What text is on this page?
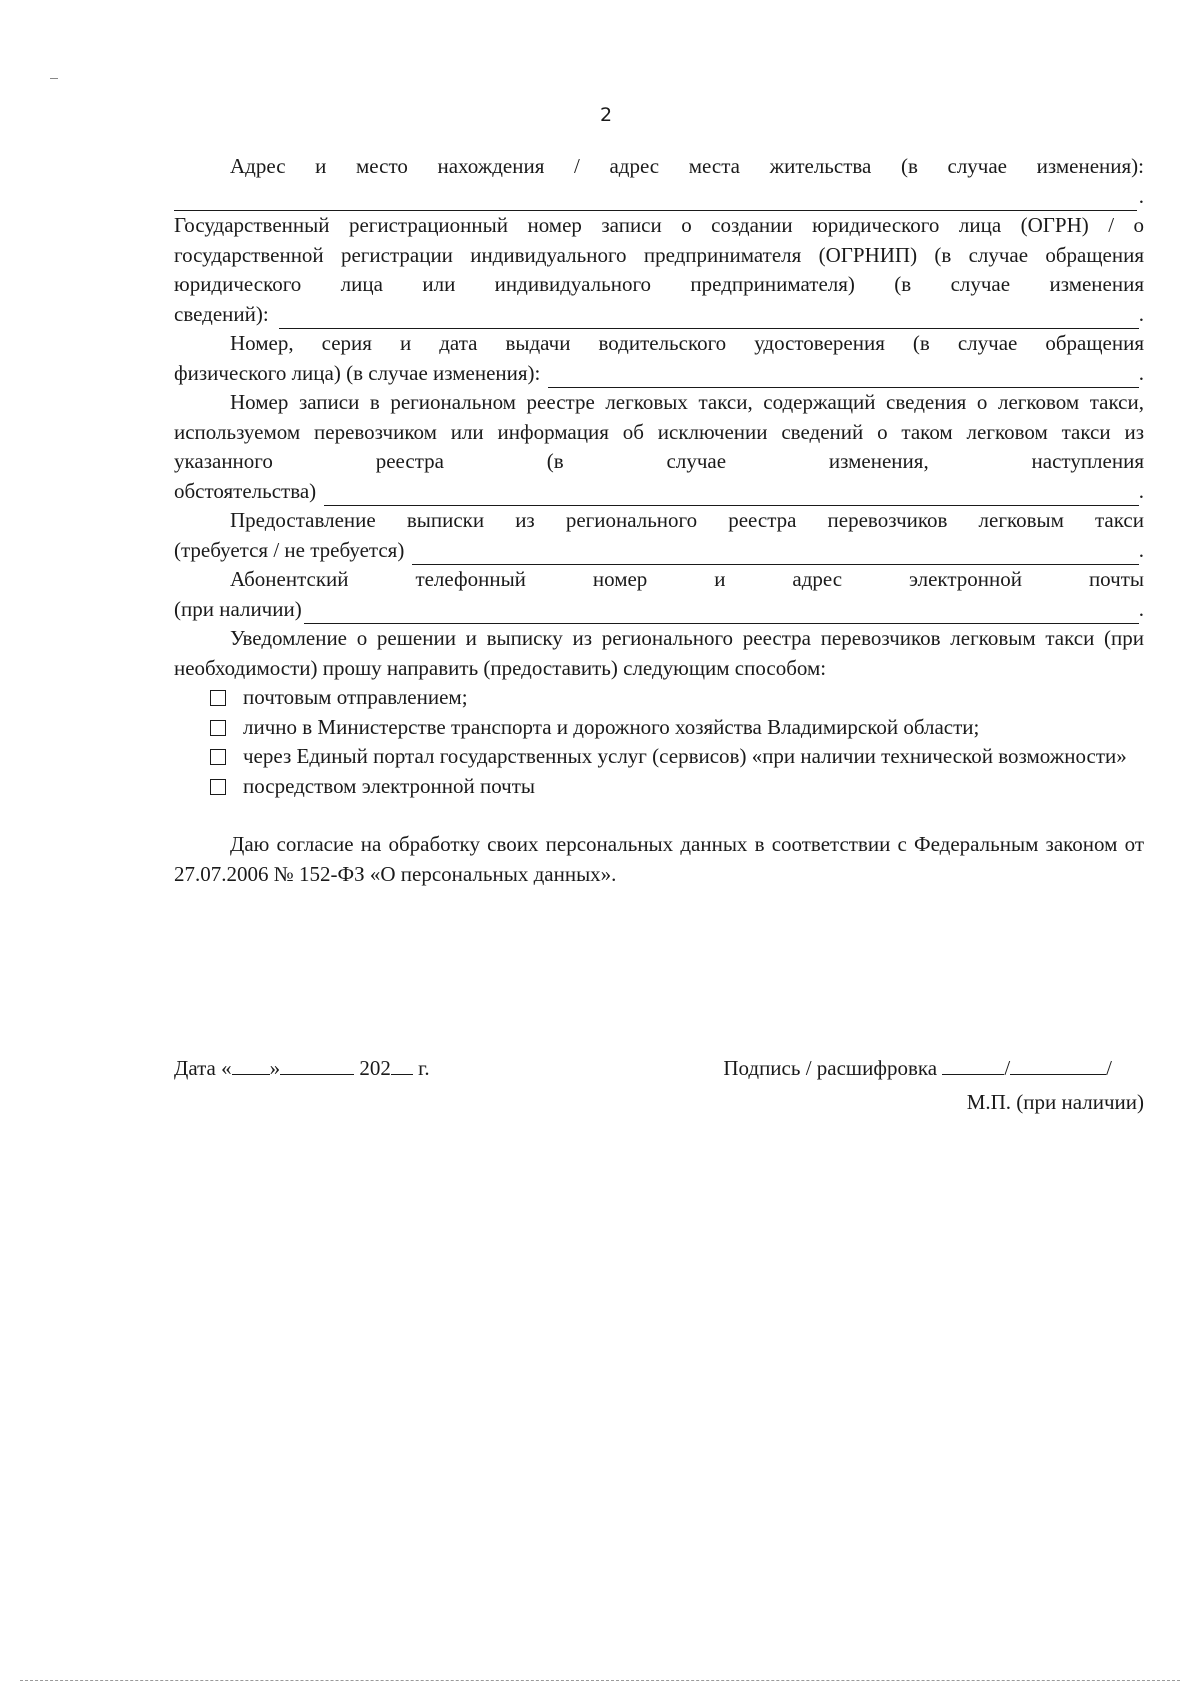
2

Адрес и место нахождения / адрес места жительства (в случае изменения):

.

Государственный регистрационный номер записи о создании юридического лица (ОГРН) / о государственной регистрации индивидуального предпринимателя (ОГРНИП) (в случае обращения юридического лица или индивидуального предпринимателя) (в случае изменения

сведений):	.

Номер, серия и дата выдачи водительского удостоверения (в случае обращения

физического лица) (в случае изменения):	.

Номер записи в региональном реестре легковых такси, содержащий сведения о легковом такси, используемом перевозчиком или информация об исключении сведений о таком легковом такси из указанного реестра (в случае изменения, наступления

обстоятельства)	.

Предоставление выписки из регионального реестра перевозчиков легковым такси

(требуется / не требуется)	.
Абонентский	телефонный	номер	и	адрес	электронной	почты
(при наличии)	.

Уведомление о решении и выписку из регионального реестра перевозчиков легковым такси (при необходимости) прошу направить (предоставить) следующим способом:

почтовым отправлением;
лично в Министерстве транспорта и дорожного хозяйства Владимирской области;
через Единый портал государственных услуг (сервисов) «при наличии технической возможности»
посредством электронной почты

Даю согласие на обработку своих персональных данных в соответствии с Федеральным законом от 27.07.2006 № 152-ФЗ «О персональных данных».

Дата « »	202 г.	Подпись / расшифровка	/	/
М.П. (при наличии)
